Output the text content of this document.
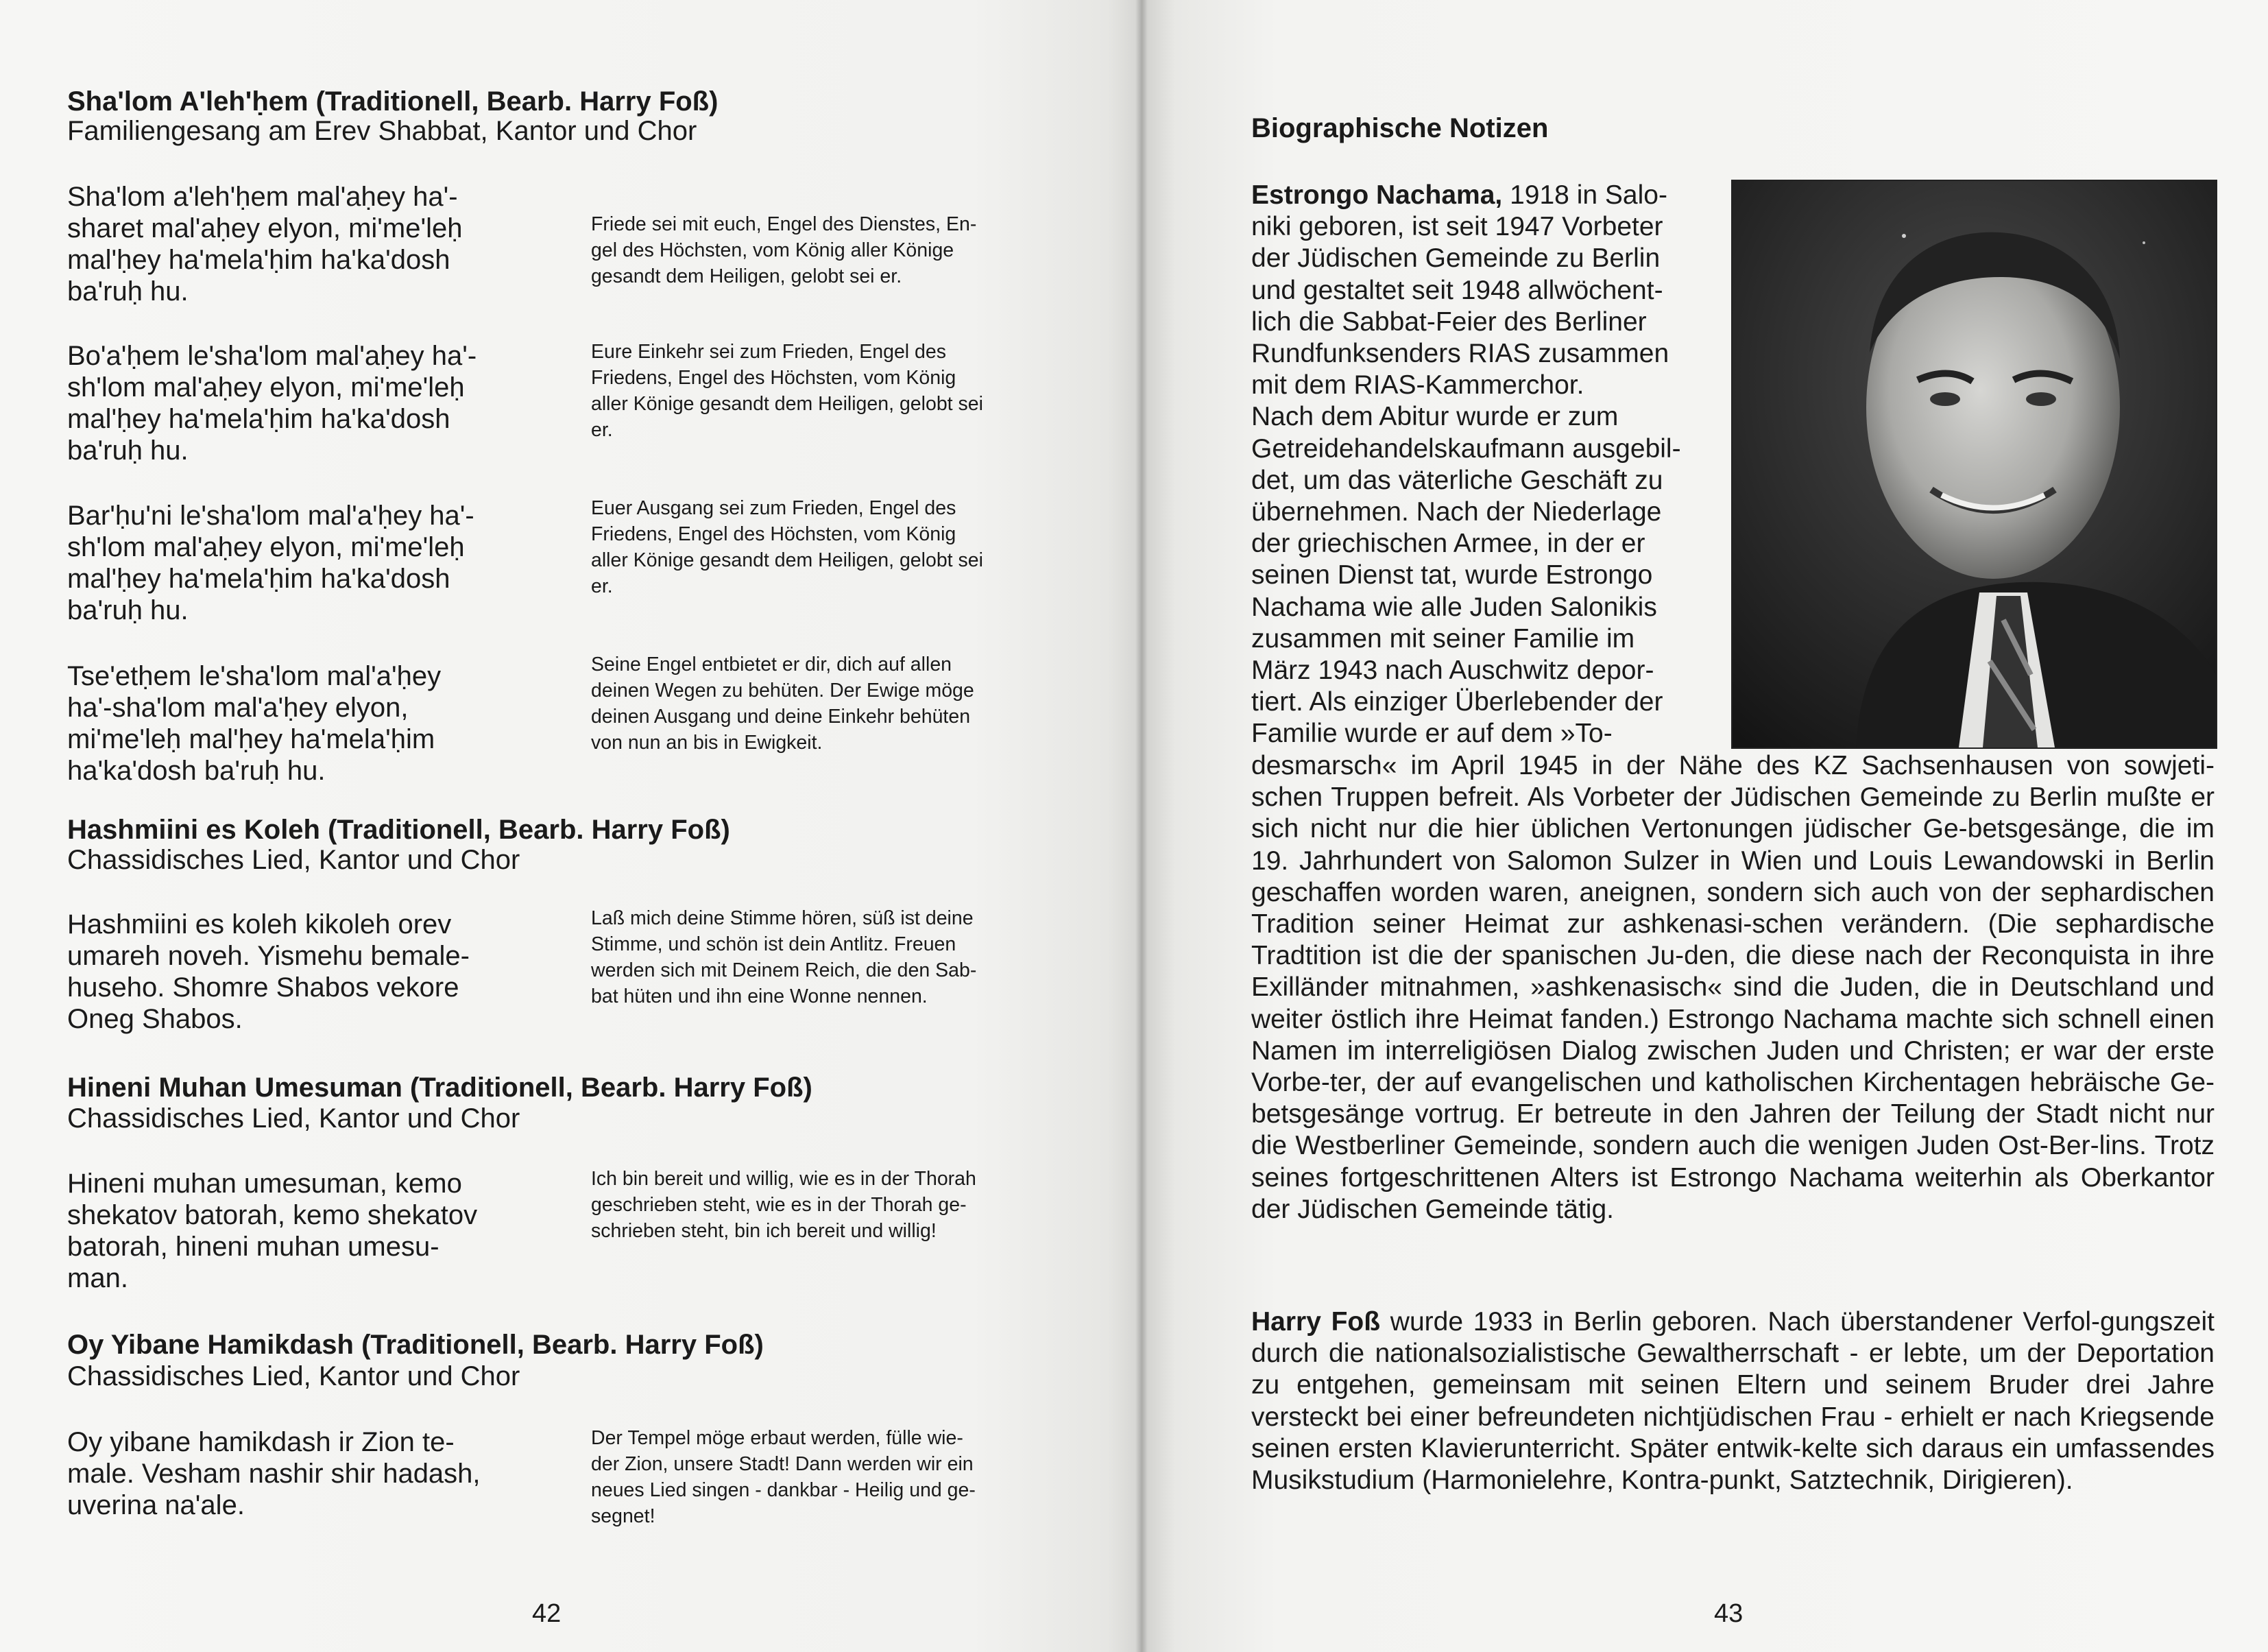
Sha'lom A'leh'ḥem (Traditionell, Bearb. Harry Foß)
Familiengesang am Erev Shabbat, Kantor und Chor
Sha'lom a'leh'ḥem mal'aḥey ha'-
sharet mal'aḥey elyon, mi'me'leḥ
mal'ḥey ha'mela'ḥim ha'ka'dosh
ba'ruḥ hu.
Friede sei mit euch, Engel des Dienstes, En-
gel des Höchsten, vom König aller Könige
gesandt dem Heiligen, gelobt sei er.
Bo'a'ḥem le'sha'lom mal'aḥey ha'-
sh'lom mal'aḥey elyon, mi'me'leḥ
mal'ḥey ha'mela'ḥim ha'ka'dosh
ba'ruḥ hu.
Eure Einkehr sei zum Frieden, Engel des
Friedens, Engel des Höchsten, vom König
aller Könige gesandt dem Heiligen, gelobt sei
er.
Bar'ḥu'ni le'sha'lom mal'a'ḥey ha'-
sh'lom mal'aḥey elyon, mi'me'leḥ
mal'ḥey ha'mela'ḥim ha'ka'dosh
ba'ruḥ hu.
Euer Ausgang sei zum Frieden, Engel des
Friedens, Engel des Höchsten, vom König
aller Könige gesandt dem Heiligen, gelobt sei
er.
Tse'etḥem le'sha'lom mal'a'ḥey
ha'-sha'lom mal'a'ḥey elyon,
mi'me'leḥ mal'ḥey ha'mela'ḥim
ha'ka'dosh ba'ruḥ hu.
Seine Engel entbietet er dir, dich auf allen
deinen Wegen zu behüten. Der Ewige möge
deinen Ausgang und deine Einkehr behüten
von nun an bis in Ewigkeit.
Hashmiini es Koleh (Traditionell, Bearb. Harry Foß)
Chassidisches Lied, Kantor und Chor
Hashmiini es koleh kikoleh orev
umareh noveh. Yismehu bemale-
huseho. Shomre Shabos vekore
Oneg Shabos.
Laß mich deine Stimme hören, süß ist deine
Stimme, und schön ist dein Antlitz. Freuen
werden sich mit Deinem Reich, die den Sab-
bat hüten und ihn eine Wonne nennen.
Hineni Muhan Umesuman (Traditionell, Bearb. Harry Foß)
Chassidisches Lied, Kantor und Chor
Hineni muhan umesuman, kemo
shekatov batorah, kemo shekatov
batorah, hineni muhan umesu-
man.
Ich bin bereit und willig, wie es in der Thorah
geschrieben steht, wie es in der Thorah ge-
schrieben steht, bin ich bereit und willig!
Oy Yibane Hamikdash (Traditionell, Bearb. Harry Foß)
Chassidisches Lied, Kantor und Chor
Oy yibane hamikdash ir Zion te-
male. Vesham nashir shir hadash,
uverina na'ale.
Der Tempel möge erbaut werden, fülle wie-
der Zion, unsere Stadt! Dann werden wir ein
neues Lied singen - dankbar - Heilig und ge-
segnet!
42
Biographische Notizen
Estrongo Nachama, 1918 in Salo-
niki geboren, ist seit 1947 Vorbeter
der Jüdischen Gemeinde zu Berlin
und gestaltet seit 1948 allwöchent-
lich die Sabbat-Feier des Berliner
Rundfunksenders RIAS zusammen
mit dem RIAS-Kammerchor.
Nach dem Abitur wurde er zum
Getreidehandelskaufmann ausgebil-
det, um das väterliche Geschäft zu
übernehmen. Nach der Niederlage
der griechischen Armee, in der er
seinen Dienst tat, wurde Estrongo
Nachama wie alle Juden Salonikis
zusammen mit seiner Familie im
März 1943 nach Auschwitz depor-
tiert. Als einziger Überlebender der
Familie wurde er auf dem »To-
desmarsch« im April 1945 in der Nähe des KZ Sachsenhausen von sowjeti-schen Truppen befreit. Als Vorbeter der Jüdischen Gemeinde zu Berlin mußte er sich nicht nur die hier üblichen Vertonungen jüdischer Ge-betsgesänge, die im 19. Jahrhundert von Salomon Sulzer in Wien und Louis Lewandowski in Berlin geschaffen worden waren, aneignen, sondern sich auch von der sephardischen Tradition seiner Heimat zur ashkenasi-schen verändern. (Die sephardische Tradtition ist die der spanischen Ju-den, die diese nach der Reconquista in ihre Exilländer mitnahmen, »ashkenasisch« sind die Juden, die in Deutschland und weiter östlich ihre Heimat fanden.) Estrongo Nachama machte sich schnell einen Namen im interreligiösen Dialog zwischen Juden und Christen; er war der erste Vorbe-ter, der auf evangelischen und katholischen Kirchentagen hebräische Ge-betsgesänge vortrug. Er betreute in den Jahren der Teilung der Stadt nicht nur die Westberliner Gemeinde, sondern auch die wenigen Juden Ost-Ber-lins. Trotz seines fortgeschrittenen Alters ist Estrongo Nachama weiterhin als Oberkantor der Jüdischen Gemeinde tätig.
Harry Foß wurde 1933 in Berlin geboren. Nach überstandener Verfol-gungszeit durch die nationalsozialistische Gewaltherrschaft - er lebte, um der Deportation zu entgehen, gemeinsam mit seinen Eltern und seinem Bruder drei Jahre versteckt bei einer befreundeten nichtjüdischen Frau - erhielt er nach Kriegsende seinen ersten Klavierunterricht. Später entwik-kelte sich daraus ein umfassendes Musikstudium (Harmonielehre, Kontra-punkt, Satztechnik, Dirigieren).
43
